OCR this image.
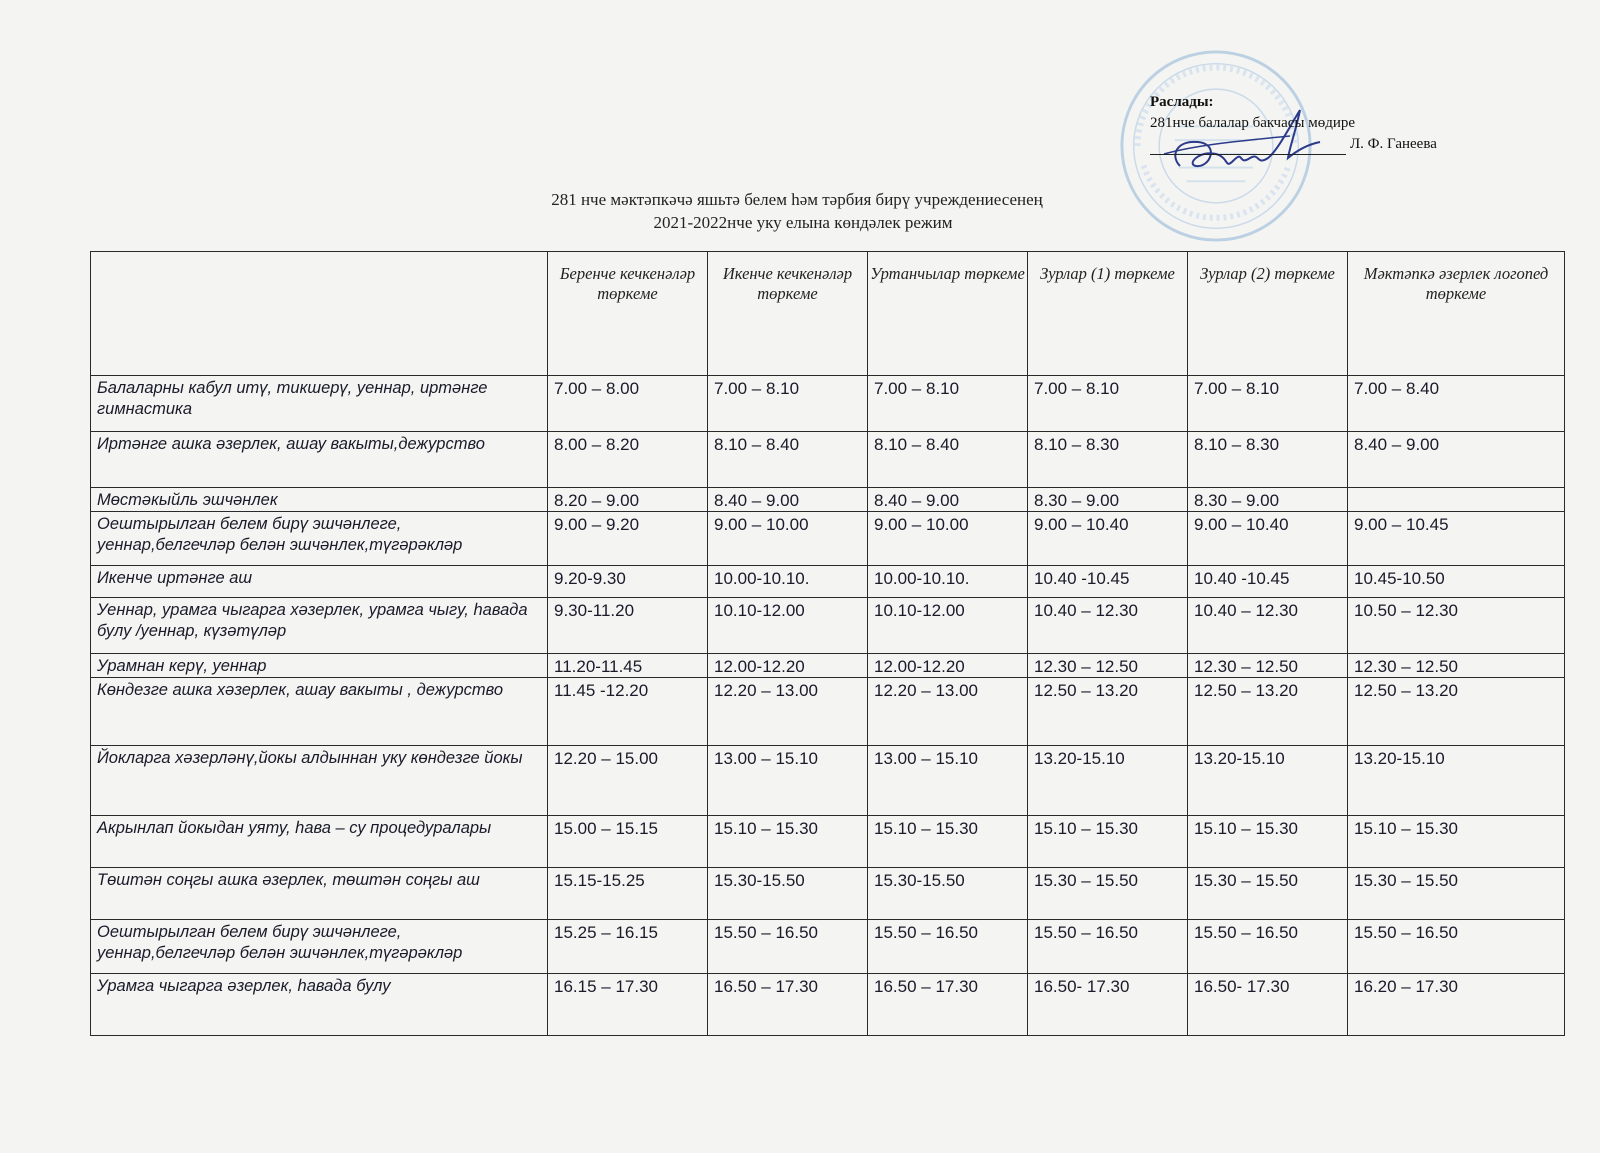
Раслады:
281нче балалар бакчасы мөдире
Л. Ф. Ганеева
281 нче мәктәпкәчә яшьтә белем һәм тәрбия бирү учреждениесенең
2021-2022нче уку елына көндәлек режим
	Беренче кечкенәләр төркеме	Икенче кечкенәләр төркеме	Уртанчылар төркеме	Зурлар (1) төркеме	Зурлар (2) төркеме	Мәктәпкә әзерлек логопед төркеме
Балаларны кабул итү, тикшерү, уеннар, иртәнге гимнастика	7.00 – 8.00	7.00 – 8.10	7.00 – 8.10	7.00 – 8.10	7.00 – 8.10	7.00 – 8.40
Иртәнге ашка әзерлек, ашау вакыты,дежурство	8.00 – 8.20	8.10 – 8.40	8.10 – 8.40	8.10 – 8.30	8.10 – 8.30	8.40 – 9.00
Мөстәкыйль эшчәнлек	8.20 – 9.00	8.40 – 9.00	8.40 – 9.00	8.30 – 9.00	8.30 – 9.00	
Оештырылган белем бирү эшчәнлеге, уеннар,белгечләр белән эшчәнлек,түгәрәкләр	9.00 – 9.20	9.00 – 10.00	9.00 – 10.00	9.00 – 10.40	9.00 – 10.40	9.00 – 10.45
Икенче иртәнге аш	9.20-9.30	10.00-10.10.	10.00-10.10.	10.40 -10.45	10.40 -10.45	10.45-10.50
Уеннар, урамга чыгарга хәзерлек, урамга чыгу, һавада булу /уеннар, күзәтүләр	9.30-11.20	10.10-12.00	10.10-12.00	10.40 – 12.30	10.40 – 12.30	10.50 – 12.30
Урамнан керү, уеннар	11.20-11.45	12.00-12.20	12.00-12.20	12.30 – 12.50	12.30 – 12.50	12.30 – 12.50
Көндезге ашка хәзерлек, ашау вакыты , дежурство	11.45 -12.20	12.20 – 13.00	12.20 – 13.00	12.50 – 13.20	12.50 – 13.20	12.50 – 13.20
Йокларга хәзерләнү,йокы алдыннан уку көндезге йокы	12.20 – 15.00	13.00 – 15.10	13.00 – 15.10	13.20-15.10	13.20-15.10	13.20-15.10
Акрынлап йокыдан уяту, һава – су процедуралары	15.00 – 15.15	15.10 – 15.30	15.10 – 15.30	15.10 – 15.30	15.10 – 15.30	15.10 – 15.30
Төштән соңгы ашка әзерлек, төштән соңгы аш	15.15-15.25	15.30-15.50	15.30-15.50	15.30 – 15.50	15.30 – 15.50	15.30 – 15.50
Оештырылган белем бирү эшчәнлеге, уеннар,белгечләр белән эшчәнлек,түгәрәкләр	15.25 – 16.15	15.50 – 16.50	15.50 – 16.50	15.50 – 16.50	15.50 – 16.50	15.50 – 16.50
Урамга чыгарга әзерлек, һавада булу	16.15 – 17.30	16.50 – 17.30	16.50 – 17.30	16.50- 17.30	16.50- 17.30	16.20 – 17.30
